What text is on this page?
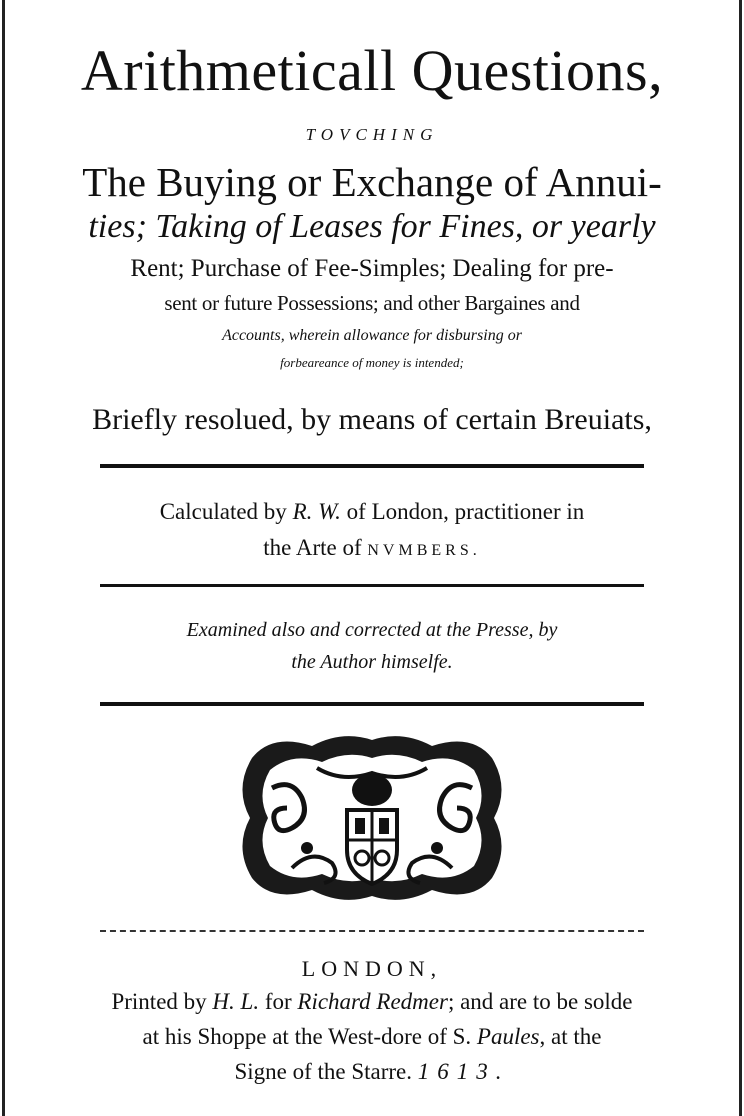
Arithmeticall Questions,
TOVCHING
The Buying or Exchange of Annui-
ties; Taking of Leases for Fines, or yearly
Rent; Purchase of Fee-Simples; Dealing for pre-
sent or future Possessions; and other Bargaines and
Accounts, wherein allowance for disbursing or
forbeareance of money is intended;
Briefly resolued, by means of certain Breuiats,
Calculated by R. W. of London, practitioner in
the Arte of NVMBERS.
Examined also and corrected at the Presse, by
the Author himselfe.
LONDON,
Printed by H. L. for Richard Redmer; and are to be solde
at his Shoppe at the West-dore of S. Paules, at the
Signe of the Starre. 1613.
